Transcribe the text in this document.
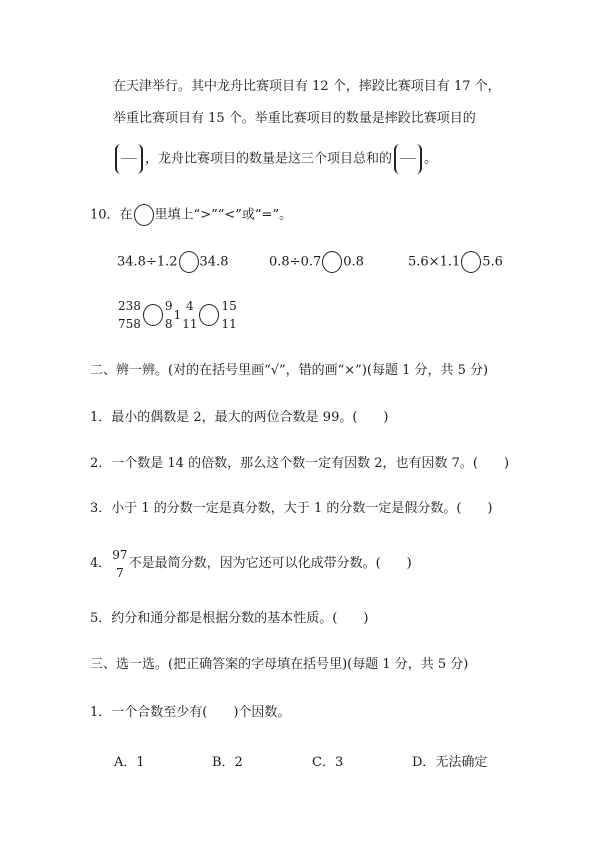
在天津举行。其中龙舟比赛项目有 12 个，摔跤比赛项目有 17 个，
举重比赛项目有 15 个。举重比赛项目的数量是摔跤比赛项目的
，龙舟比赛项目的数量是这三个项目总和的 。
10．在 里填上“>”“<”或“=”。
34.8÷1.2 34.8	0.8÷0.7 0.8	5.6×1.1 5.6
2
7
38
58
9
8
1
4
11
15
11
二、辨一辨。(对的在括号里画“√”，错的画“×”)(每题 1 分，共 5 分)
1．最小的偶数是 2，最大的两位合数是 99。(　　)
2．一个数是 14 的倍数，那么这个数一定有因数 2，也有因数 7。(　　)
3．小于 1 的分数一定是真分数，大于 1 的分数一定是假分数。(　　)
4．
97
7
不是最简分数，因为它还可以化成带分数。(　　)
5．约分和通分都是根据分数的基本性质。(　　)
三、选一选。(把正确答案的字母填在括号里)(每题 1 分，共 5 分)
1．一个合数至少有(　　)个因数。
A．1	B．2	C．3	D．无法确定
